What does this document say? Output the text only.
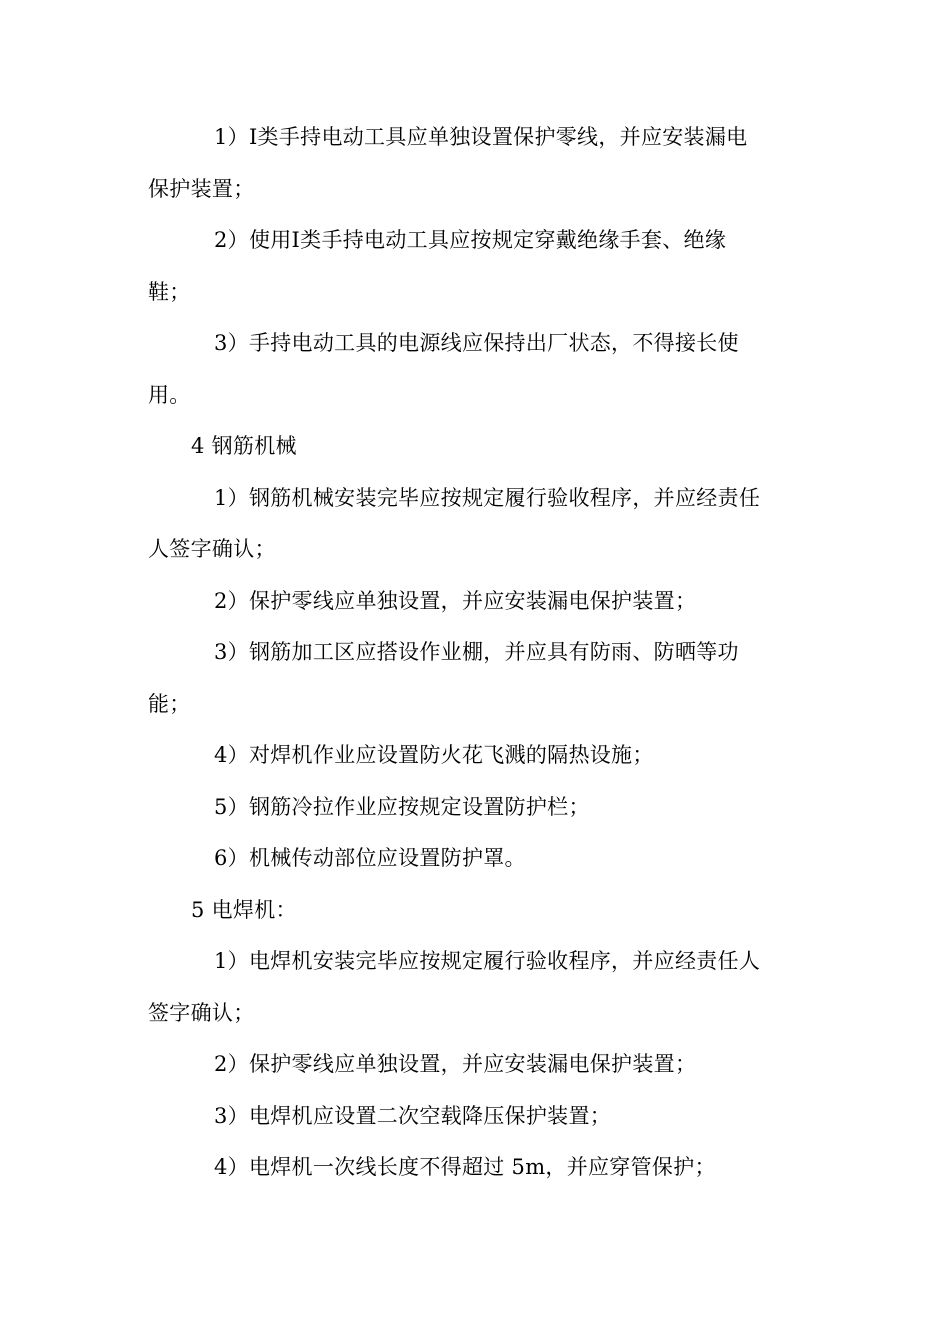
1）Ⅰ类手持电动工具应单独设置保护零线，并应安装漏电
保护装置；
2）使用Ⅰ类手持电动工具应按规定穿戴绝缘手套、绝缘
鞋；
3）手持电动工具的电源线应保持出厂状态，不得接长使
用。
4 钢筋机械
1）钢筋机械安装完毕应按规定履行验收程序，并应经责任
人签字确认；
2）保护零线应单独设置，并应安装漏电保护装置；
3）钢筋加工区应搭设作业棚，并应具有防雨、防晒等功
能；
4）对焊机作业应设置防火花飞溅的隔热设施；
5）钢筋冷拉作业应按规定设置防护栏；
6）机械传动部位应设置防护罩。
5 电焊机：
1）电焊机安装完毕应按规定履行验收程序，并应经责任人
签字确认；
2）保护零线应单独设置，并应安装漏电保护装置；
3）电焊机应设置二次空载降压保护装置；
4）电焊机一次线长度不得超过 5m，并应穿管保护；
